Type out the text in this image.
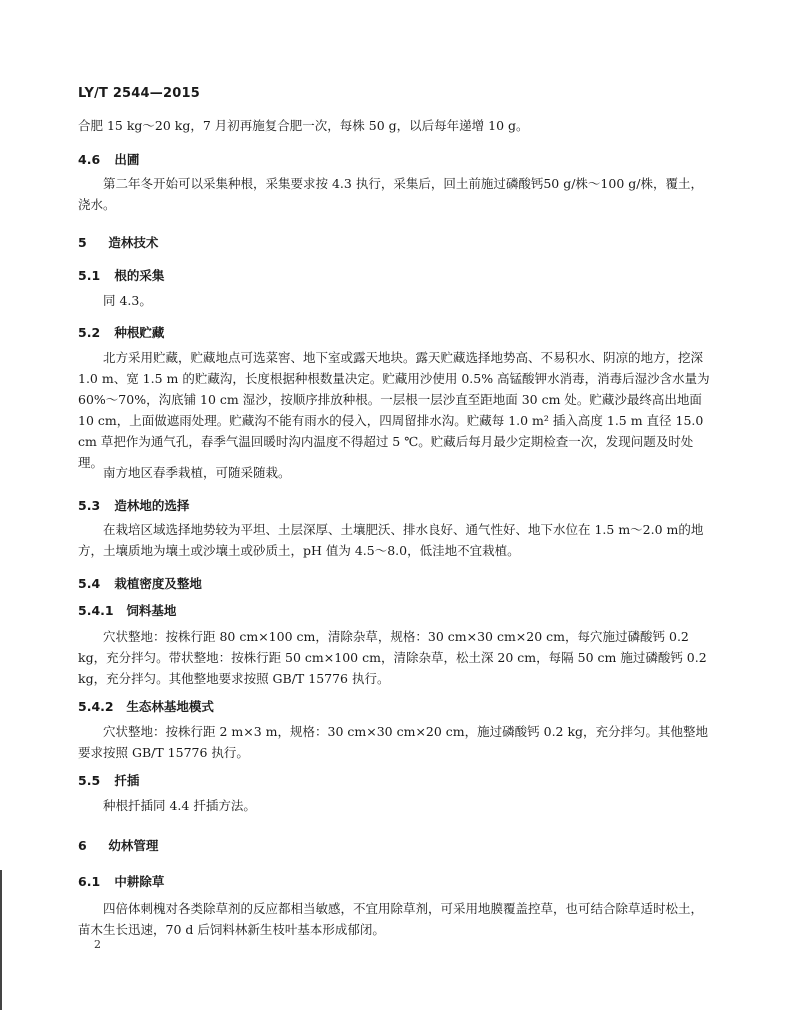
LY/T 2544—2015

合肥 15 kg～20 kg，7 月初再施复合肥一次，每株 50 g，以后每年递增 10 g。

4.6 出圃

第二年冬开始可以采集种根，采集要求按 4.3 执行，采集后，回土前施过磷酸钙50 g/株～100 g/株，覆土，浇水。

5 造林技术
5.1 根的采集

同 4.3。

5.2 种根贮藏

北方采用贮藏，贮藏地点可选菜窖、地下室或露天地块。露天贮藏选择地势高、不易积水、阴凉的地方，挖深 1.0 m、宽 1.5 m 的贮藏沟，长度根据种根数量决定。贮藏用沙使用 0.5% 高锰酸钾水消毒，消毒后湿沙含水量为 60%～70%，沟底铺 10 cm 湿沙，按顺序排放种根。一层根一层沙直至距地面 30 cm 处。贮藏沙最终高出地面 10 cm，上面做遮雨处理。贮藏沟不能有雨水的侵入，四周留排水沟。贮藏每 1.0 m² 插入高度 1.5 m 直径 15.0 cm 草把作为通气孔，春季气温回暖时沟内温度不得超过 5 ℃。贮藏后每月最少定期检查一次，发现问题及时处理。

南方地区春季栽植，可随采随栽。

5.3 造林地的选择

在栽培区域选择地势较为平坦、土层深厚、土壤肥沃、排水良好、通气性好、地下水位在 1.5 m～2.0 m的地方，土壤质地为壤土或沙壤土或砂质土，pH 值为 4.5～8.0，低洼地不宜栽植。

5.4 栽植密度及整地
5.4.1 饲料基地

穴状整地：按株行距 80 cm×100 cm，清除杂草，规格：30 cm×30 cm×20 cm，每穴施过磷酸钙 0.2 kg，充分拌匀。带状整地：按株行距 50 cm×100 cm，清除杂草，松土深 20 cm，每隔 50 cm 施过磷酸钙 0.2 kg，充分拌匀。其他整地要求按照 GB/T 15776 执行。

5.4.2 生态林基地模式

穴状整地：按株行距 2 m×3 m，规格：30 cm×30 cm×20 cm，施过磷酸钙 0.2 kg，充分拌匀。其他整地要求按照 GB/T 15776 执行。

5.5 扦插

种根扦插同 4.4 扦插方法。

6 幼林管理
6.1 中耕除草

四倍体刺槐对各类除草剂的反应都相当敏感，不宜用除草剂，可采用地膜覆盖控草，也可结合除草适时松土，苗木生长迅速，70 d 后饲料林新生枝叶基本形成郁闭。

2
